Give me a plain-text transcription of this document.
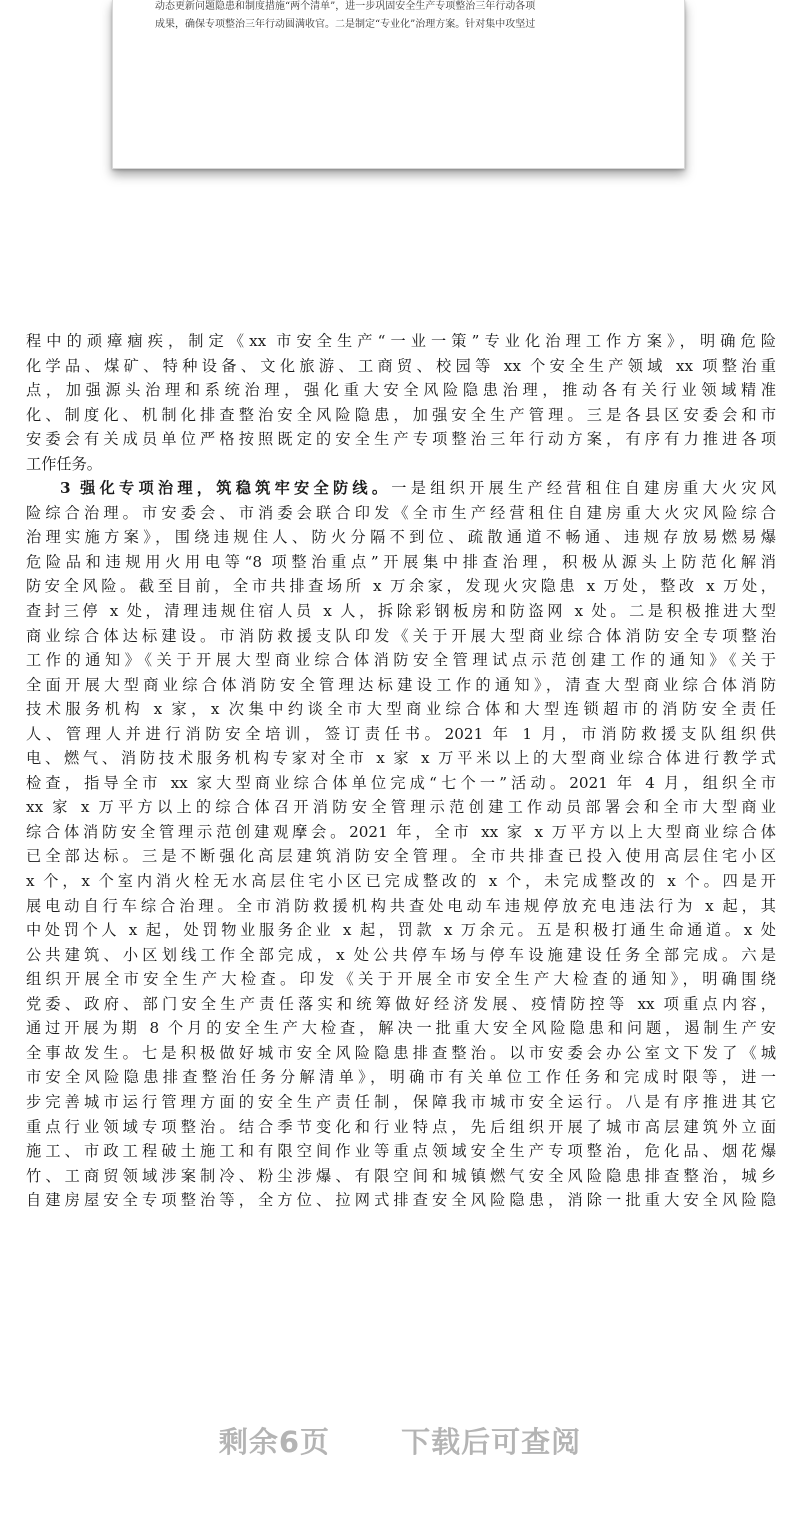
动态更新问题隐患和制度措施“两个清单”，进一步巩固安全生产专项整治三年行动各项
成果，确保专项整治三年行动圆满收官。二是制定“专业化”治理方案。针对集中攻坚过
程中的顽瘴痼疾，制定《xx 市安全生产“一业一策”专业化治理工作方案》，明确危险
化学品、煤矿、特种设备、文化旅游、工商贸、校园等 xx 个安全生产领域 xx 项整治重
点，加强源头治理和系统治理，强化重大安全风险隐患治理，推动各有关行业领域精准
化、制度化、机制化排查整治安全风险隐患，加强安全生产管理。三是各县区安委会和市
安委会有关成员单位严格按照既定的安全生产专项整治三年行动方案，有序有力推进各项
工作任务。
3 强化专项治理，筑稳筑牢安全防线。一是组织开展生产经营租住自建房重大火灾风
险综合治理。市安委会、市消委会联合印发《全市生产经营租住自建房重大火灾风险综合
治理实施方案》，围绕违规住人、防火分隔不到位、疏散通道不畅通、违规存放易燃易爆
危险品和违规用火用电等“8 项整治重点”开展集中排查治理，积极从源头上防范化解消
防安全风险。截至目前，全市共排查场所 x 万余家，发现火灾隐患 x 万处，整改 x 万处，
查封三停 x 处，清理违规住宿人员 x 人，拆除彩钢板房和防盗网 x 处。二是积极推进大型
商业综合体达标建设。市消防救援支队印发《关于开展大型商业综合体消防安全专项整治
工作的通知》《关于开展大型商业综合体消防安全管理试点示范创建工作的通知》《关于
全面开展大型商业综合体消防安全管理达标建设工作的通知》，清查大型商业综合体消防
技术服务机构 x 家，x 次集中约谈全市大型商业综合体和大型连锁超市的消防安全责任
人、管理人并进行消防安全培训，签订责任书。2021 年 1 月，市消防救援支队组织供
电、燃气、消防技术服务机构专家对全市 x 家 x 万平米以上的大型商业综合体进行教学式
检查，指导全市 xx 家大型商业综合体单位完成“七个一”活动。2021 年 4 月，组织全市
xx 家 x 万平方以上的综合体召开消防安全管理示范创建工作动员部署会和全市大型商业
综合体消防安全管理示范创建观摩会。2021 年，全市 xx 家 x 万平方以上大型商业综合体
已全部达标。三是不断强化高层建筑消防安全管理。全市共排查已投入使用高层住宅小区
x 个，x 个室内消火栓无水高层住宅小区已完成整改的 x 个，未完成整改的 x 个。四是开
展电动自行车综合治理。全市消防救援机构共查处电动车违规停放充电违法行为 x 起，其
中处罚个人 x 起，处罚物业服务企业 x 起，罚款 x 万余元。五是积极打通生命通道。x 处
公共建筑、小区划线工作全部完成，x 处公共停车场与停车设施建设任务全部完成。六是
组织开展全市安全生产大检查。印发《关于开展全市安全生产大检查的通知》，明确围绕
党委、政府、部门安全生产责任落实和统筹做好经济发展、疫情防控等 xx 项重点内容，
通过开展为期 8 个月的安全生产大检查，解决一批重大安全风险隐患和问题，遏制生产安
全事故发生。七是积极做好城市安全风险隐患排查整治。以市安委会办公室文下发了《城
市安全风险隐患排查整治任务分解清单》，明确市有关单位工作任务和完成时限等，进一
步完善城市运行管理方面的安全生产责任制，保障我市城市安全运行。八是有序推进其它
重点行业领域专项整治。结合季节变化和行业特点，先后组织开展了城市高层建筑外立面
施工、市政工程破土施工和有限空间作业等重点领域安全生产专项整治，危化品、烟花爆
竹、工商贸领域涉案制冷、粉尘涉爆、有限空间和城镇燃气安全风险隐患排查整治，城乡
自建房屋安全专项整治等，全方位、拉网式排查安全风险隐患，消除一批重大安全风险隐
剩余6页 下载后可查阅
